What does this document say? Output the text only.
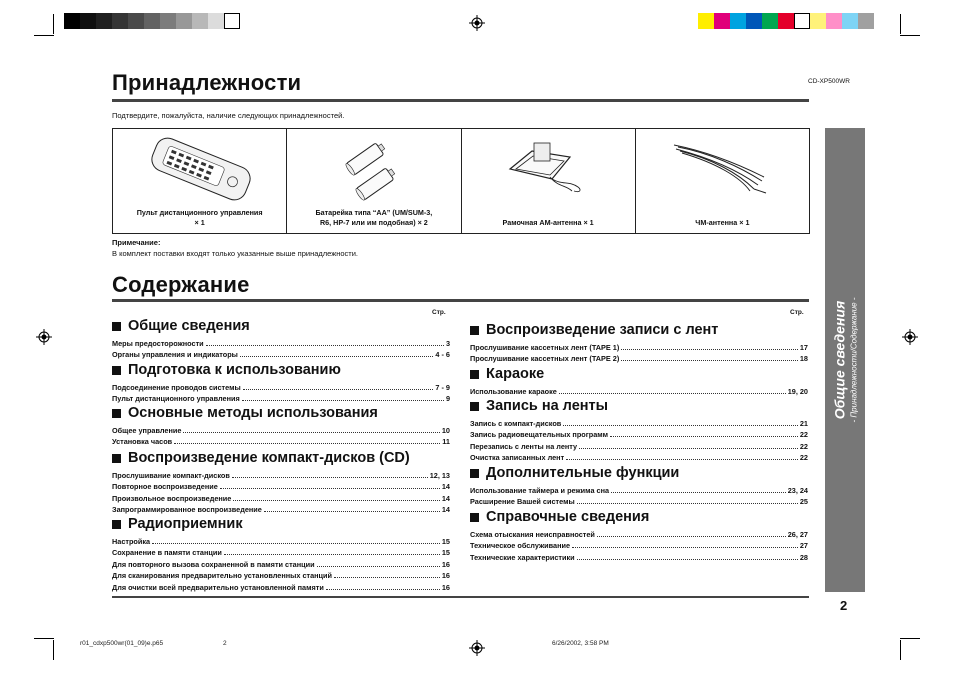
CD-XP500WR
Принадлежности
Подтвердите, пожалуйста, наличие следующих принадлежностей.
Пульт дистанционного управления
× 1
Батарейка типа “AA” (UM/SUM-3,
R6, HP-7 или им подобная) × 2	Рамочная AM-антенна × 1	ЧМ-антенна × 1
Примечание:
В комплект поставки входят только указанные выше принадлежности.
Содержание
Стр.	Стр.
Общие сведения
Меры предосторожности	3
Органы управления и индикаторы	4 - 6
Подготовка к использованию
Подсоединение проводов системы	7 - 9
Пульт дистанционного управления	9
Основные методы использования
Общее управление	10
Установка часов	11
Воспроизведение компакт-дисков (CD)
Прослушивание компакт-дисков	12, 13
Повторное воспроизведение	14
Произвольное воспроизведение	14
Запрограммированное воспроизведение	14
Радиоприемник
Настройка	15
Сохранение в памяти станции	15
Для повторного вызова сохраненной в памяти станции	16
Для сканирования предварительно установленных станций	16
Для очистки всей предварительно установленной памяти	16
Воспроизведение записи с лент
Прослушивание кассетных лент (TAPE 1)	17
Прослушивание кассетных лент (TAPE 2)	18
Караоке
Использование караоке	19, 20
Запись на ленты
Запись с компакт-дисков	21
Запись радиовещательных программ	22
Перезапись с ленты на ленту	22
Очистка записанных лент	22
Дополнительные функции
Использование таймера и режима сна	23, 24
Расширение Вашей системы	25
Справочные сведения
Схема отыскания неисправностей	26, 27
Техническое обслуживание	27
Технические характеристики	28
Общие сведения - Принадлежности/Содержание -
2
r01_cdxp500wr(01_09)e.p65	2	6/26/2002, 3:58 PM
